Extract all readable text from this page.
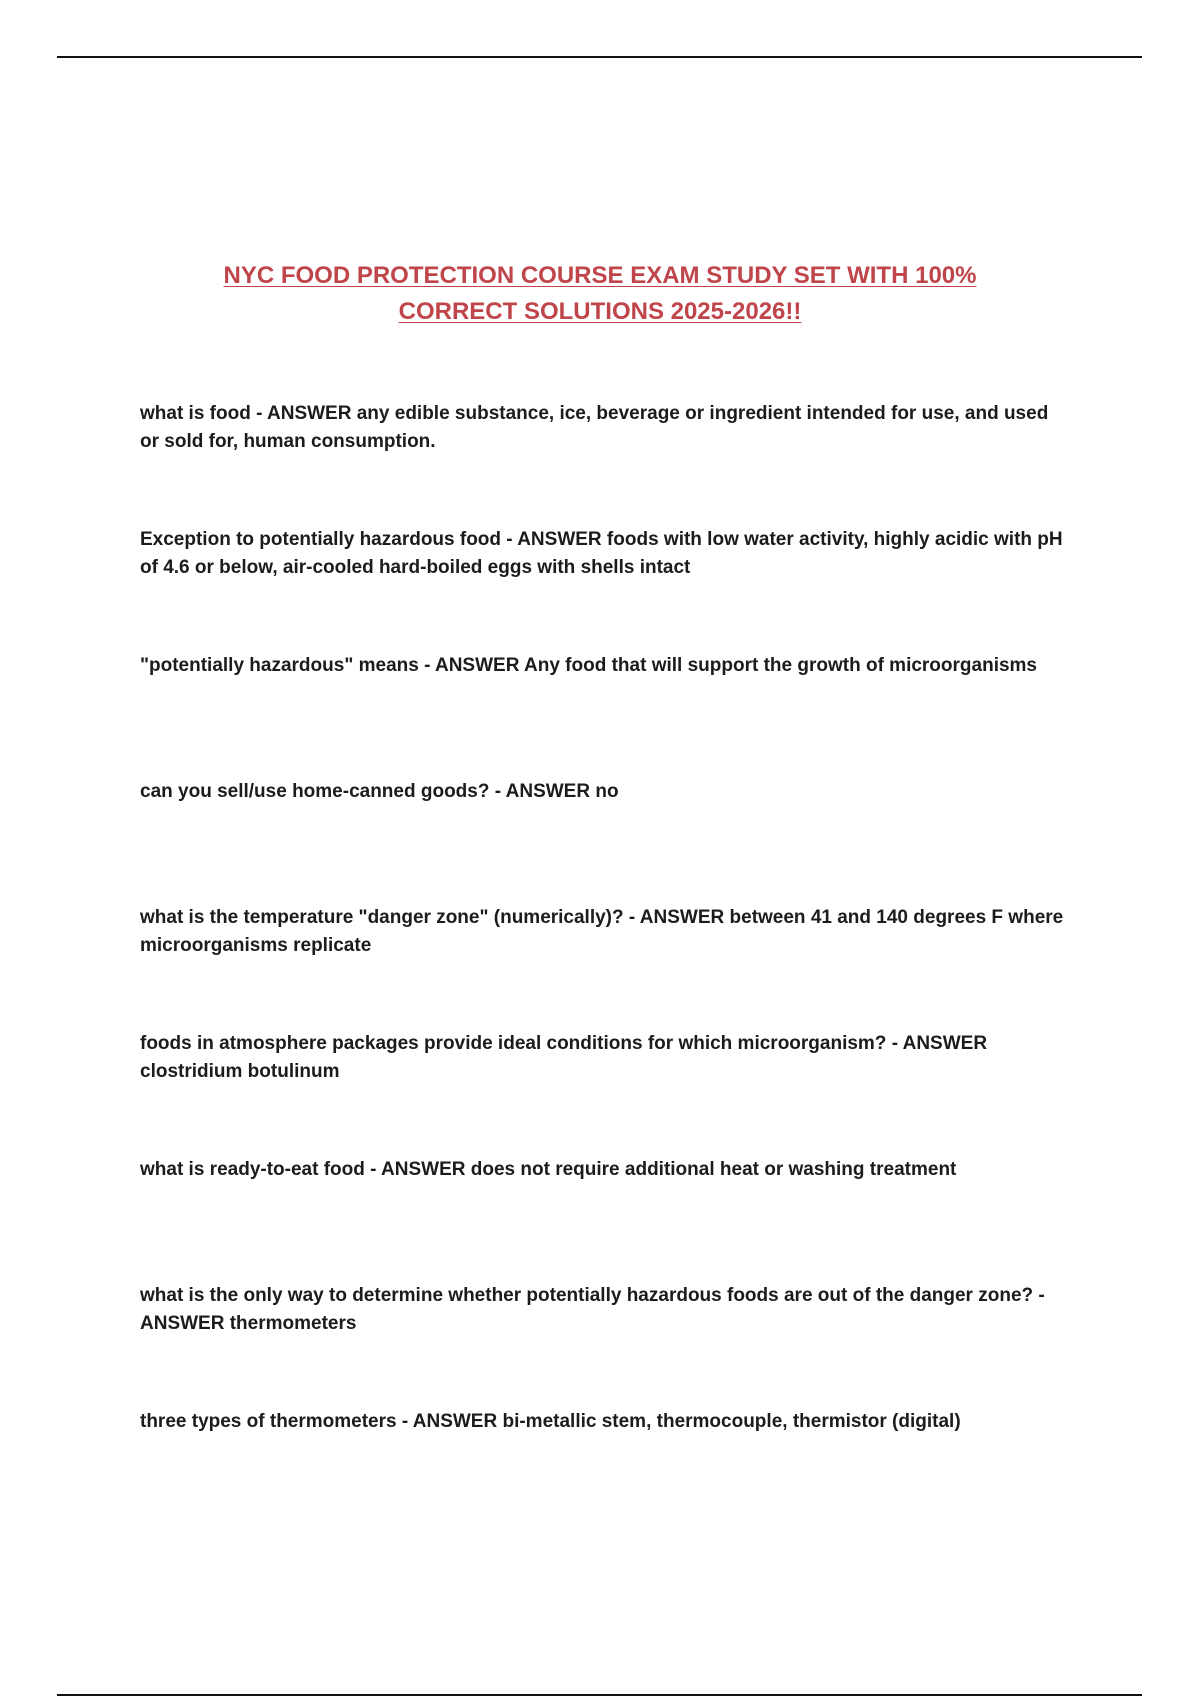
NYC FOOD PROTECTION COURSE EXAM STUDY SET WITH 100%
CORRECT SOLUTIONS 2025-2026!!
what is food - ANSWER any edible substance, ice, beverage or ingredient intended for use, and used or sold for, human consumption.
Exception to potentially hazardous food - ANSWER foods with low water activity, highly acidic with pH of 4.6 or below, air-cooled hard-boiled eggs with shells intact
"potentially hazardous" means - ANSWER Any food that will support the growth of microorganisms
can you sell/use home-canned goods? - ANSWER no
what is the temperature "danger zone" (numerically)? - ANSWER between 41 and 140 degrees F where microorganisms replicate
foods in atmosphere packages provide ideal conditions for which microorganism? - ANSWER clostridium botulinum
what is ready-to-eat food - ANSWER does not require additional heat or washing treatment
what is the only way to determine whether potentially hazardous foods are out of the danger zone? - ANSWER thermometers
three types of thermometers - ANSWER bi-metallic stem, thermocouple, thermistor (digital)
